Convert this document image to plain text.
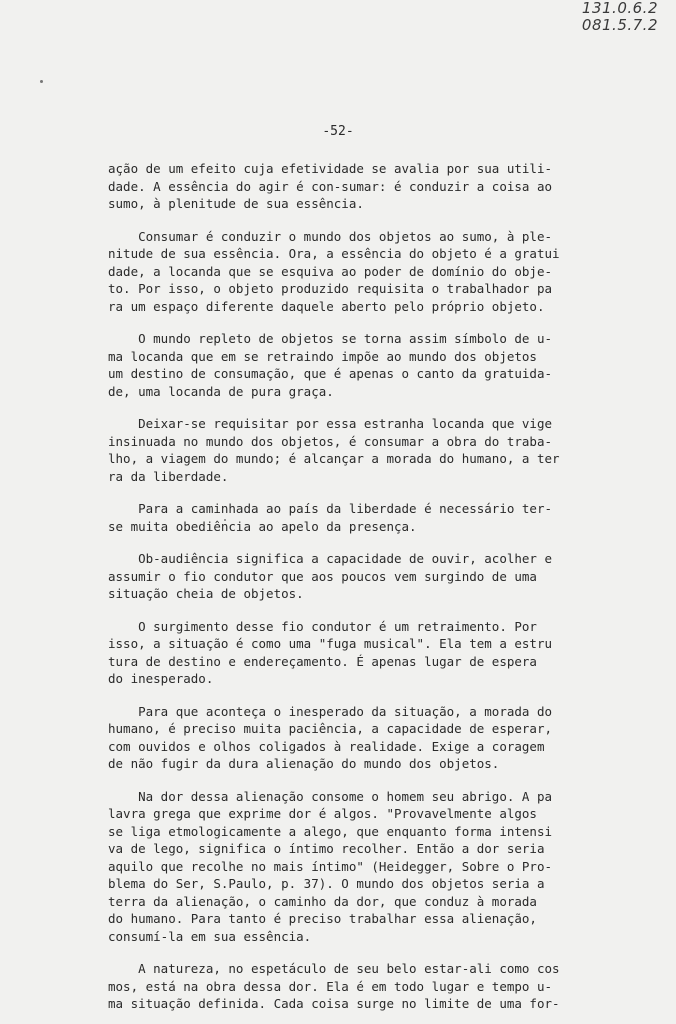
131.0.6.2
081.5.7.2
-52-
ação de um efeito cuja efetividade se avalia por sua utili-
dade. A essência do agir é con-sumar: é conduzir a coisa ao
sumo, à plenitude de sua essência.
Consumar é conduzir o mundo dos objetos ao sumo, à ple-
nitude de sua essência. Ora, a essência do objeto é a gratui
dade, a locanda que se esquiva ao poder de domínio do obje-
to. Por isso, o objeto produzido requisita o trabalhador pa
ra um espaço diferente daquele aberto pelo próprio objeto.
O mundo repleto de objetos se torna assim símbolo de u-
ma locanda que em se retraindo impõe ao mundo dos objetos
um destino de consumação, que é apenas o canto da gratuida-
de, uma locanda de pura graça.
Deixar-se requisitar por essa estranha locanda que vige
insinuada no mundo dos objetos, é consumar a obra do traba-
lho, a viagem do mundo; é alcançar a morada do humano, a ter
ra da liberdade.
Para a caminhada ao país da liberdade é necessário ter-
se muita obediência ao apelo da presença.
Ob-audiência significa a capacidade de ouvir, acolher e
assumir o fio condutor que aos poucos vem surgindo de uma
situação cheia de objetos.
O surgimento desse fio condutor é um retraimento. Por
isso, a situação é como uma "fuga musical". Ela tem a estru
tura de destino e endereçamento. É apenas lugar de espera
do inesperado.
Para que aconteça o inesperado da situação, a morada do
humano, é preciso muita paciência, a capacidade de esperar,
com ouvidos e olhos coligados à realidade. Exige a coragem
de não fugir da dura alienação do mundo dos objetos.
Na dor dessa alienação consome o homem seu abrigo. A pa
lavra grega que exprime dor é algos. "Provavelmente algos
se liga etmologicamente a alego, que enquanto forma intensi
va de lego, significa o íntimo recolher. Então a dor seria
aquilo que recolhe no mais íntimo" (Heidegger, Sobre o Pro-
blema do Ser, S.Paulo, p. 37). O mundo dos objetos seria a
terra da alienação, o caminho da dor, que conduz à morada
do humano. Para tanto é preciso trabalhar essa alienação,
consumí-la em sua essência.
A natureza, no espetáculo de seu belo estar-ali como cos
mos, está na obra dessa dor. Ela é em todo lugar e tempo u-
ma situação definida. Cada coisa surge no limite de uma for-
